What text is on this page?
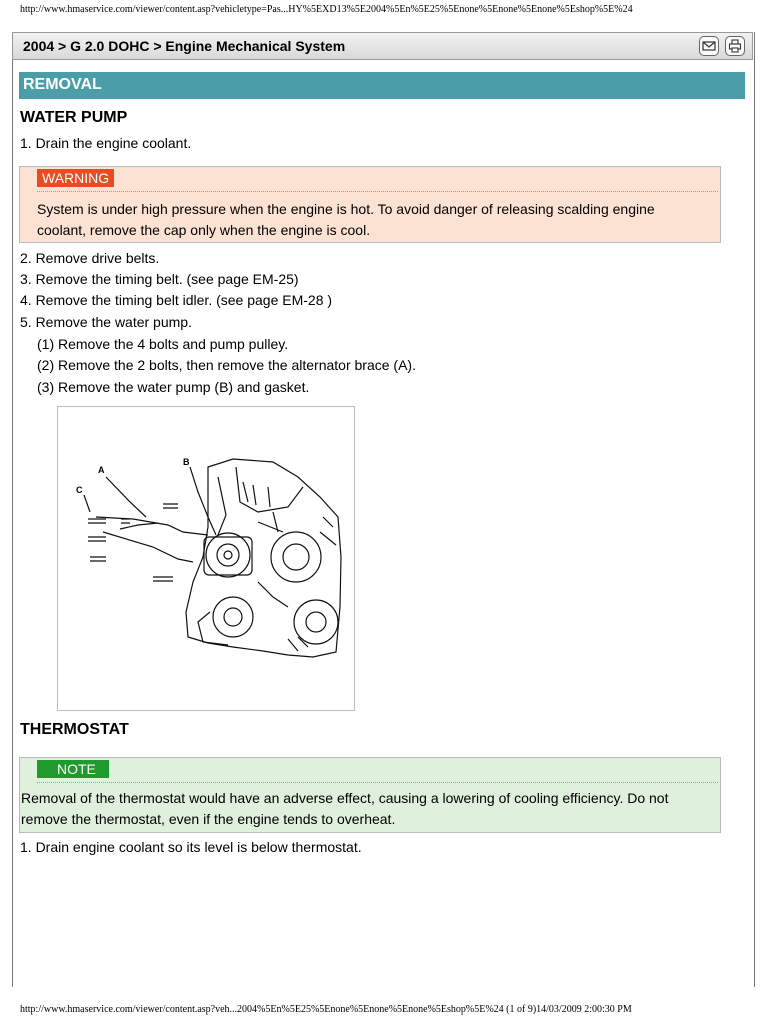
http://www.hmaservice.com/viewer/content.asp?vehicletype=Pas...HY%5EXD13%5E2004%5En%5E25%5Enone%5Enone%5Enone%5Eshop%5E%24
2004 > G 2.0 DOHC > Engine Mechanical System
REMOVAL
WATER PUMP
1. Drain the engine coolant.
WARNING
System is under high pressure when the engine is hot. To avoid danger of releasing scalding engine
coolant, remove the cap only when the engine is cool.
2. Remove drive belts.
3. Remove the timing belt. (see page EM-25)
4. Remove the timing belt idler. (see page EM-28 )
5. Remove the water pump.
(1) Remove the 4 bolts and pump pulley.
(2) Remove the 2 bolts, then remove the alternator brace (A).
(3) Remove the water pump (B) and gasket.
A
B
C
THERMOSTAT
NOTE
Removal of the thermostat would have an adverse effect, causing a lowering of cooling efficiency. Do not
remove the thermostat, even if the engine tends to overheat.
1. Drain engine coolant so its level is below thermostat.
http://www.hmaservice.com/viewer/content.asp?veh...2004%5En%5E25%5Enone%5Enone%5Enone%5Eshop%5E%24 (1 of 9)14/03/2009 2:00:30 PM
